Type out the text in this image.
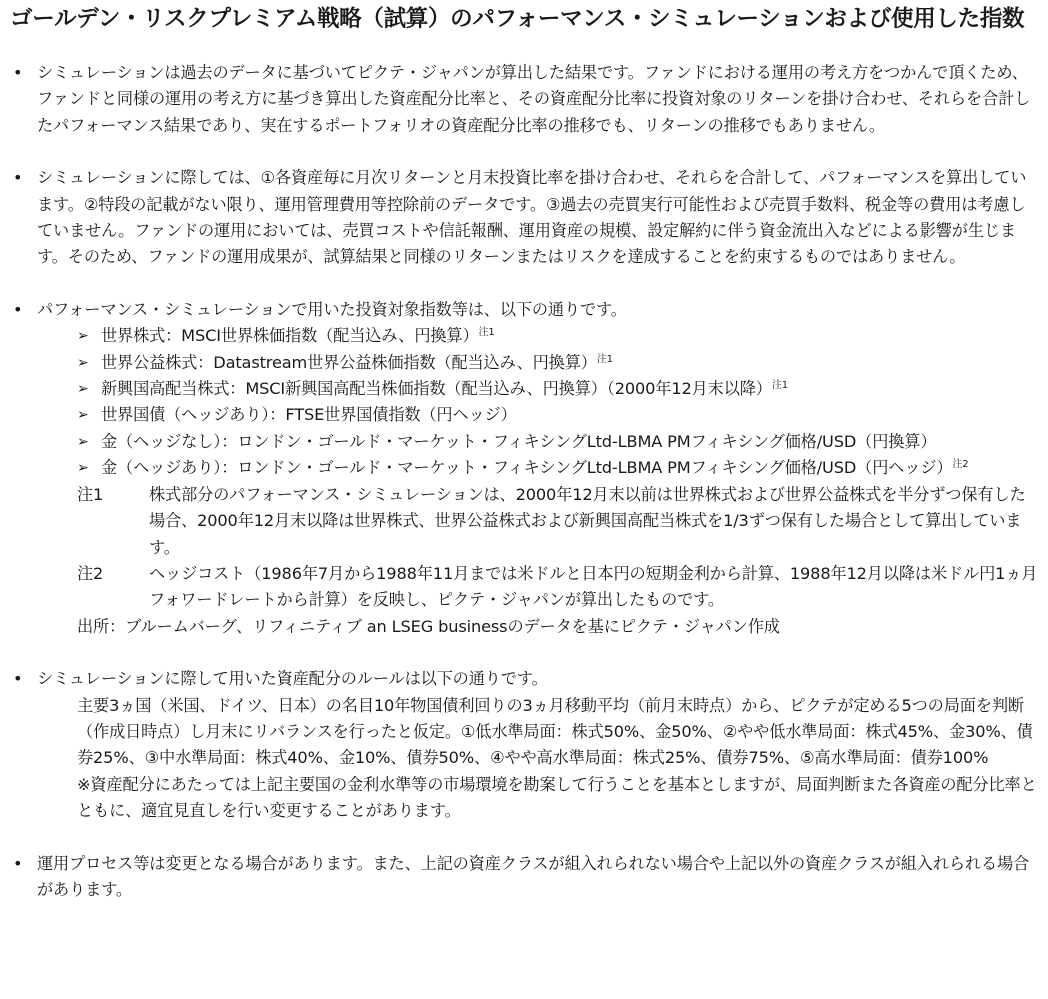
ゴールデン・リスクプレミアム戦略（試算）のパフォーマンス・シミュレーションおよび使用した指数
• シミュレーションは過去のデータに基づいてピクテ・ジャパンが算出した結果です。ファンドにおける運用の考え方をつかんで頂くため、ファンドと同様の運用の考え方に基づき算出した資産配分比率と、その資産配分比率に投資対象のリターンを掛け合わせ、それらを合計したパフォーマンス結果であり、実在するポートフォリオの資産配分比率の推移でも、リターンの推移でもありません。
• シミュレーションに際しては、①各資産毎に月次リターンと月末投資比率を掛け合わせ、それらを合計して、パフォーマンスを算出しています。②特段の記載がない限り、運用管理費用等控除前のデータです。③過去の売買実行可能性および売買手数料、税金等の費用は考慮していません。ファンドの運用においては、売買コストや信託報酬、運用資産の規模、設定解約に伴う資金流出入などによる影響が生じます。そのため、ファンドの運用成果が、試算結果と同様のリターンまたはリスクを達成することを約束するものではありません。
• パフォーマンス・シミュレーションで用いた投資対象指数等は、以下の通りです。
➢ 世界株式：MSCI世界株価指数（配当込み、円換算）$^{注1}$
➢ 世界公益株式：Datastream世界公益株価指数（配当込み、円換算）$^{注1}$
➢ 新興国高配当株式：MSCI新興国高配当株価指数（配当込み、円換算）（2000年12月末以降）$^{注1}$
➢ 世界国債（ヘッジあり）：FTSE世界国債指数（円ヘッジ）
➢ 金（ヘッジなし）：ロンドン・ゴールド・マーケット・フィキシングLtd-LBMA PMフィキシング価格/USD（円換算）
➢ 金（ヘッジあり）：ロンドン・ゴールド・マーケット・フィキシングLtd-LBMA PMフィキシング価格/USD（円ヘッジ）$^{注2}$
注1	株式部分のパフォーマンス・シミュレーションは、2000年12月末以前は世界株式および世界公益株式を半分ずつ保有した場合、2000年12月末以降は世界株式、世界公益株式および新興国高配当株式を1/3ずつ保有した場合として算出しています。
注2	ヘッジコスト（1986年7月から1988年11月までは米ドルと日本円の短期金利から計算、1988年12月以降は米ドル円1ヵ月フォワードレートから計算）を反映し、ピクテ・ジャパンが算出したものです。
出所：ブルームバーグ、リフィニティブ an LSEG businessのデータを基にピクテ・ジャパン作成
• シミュレーションに際して用いた資産配分のルールは以下の通りです。
主要3ヵ国（米国、ドイツ、日本）の名目10年物国債利回りの3ヵ月移動平均（前月末時点）から、ピクテが定める5つの局面を判断（作成日時点）し月末にリバランスを行ったと仮定。①低水準局面：株式50%、金50%、②やや低水準局面：株式45%、金30%、債券25%、③中水準局面：株式40%、金10%、債券50%、④やや高水準局面：株式25%、債券75%、⑤高水準局面：債券100%
※資産配分にあたっては上記主要国の金利水準等の市場環境を勘案して行うことを基本としますが、局面判断また各資産の配分比率とともに、適宜見直しを行い変更することがあります。
• 運用プロセス等は変更となる場合があります。また、上記の資産クラスが組入れられない場合や上記以外の資産クラスが組入れられる場合があります。
